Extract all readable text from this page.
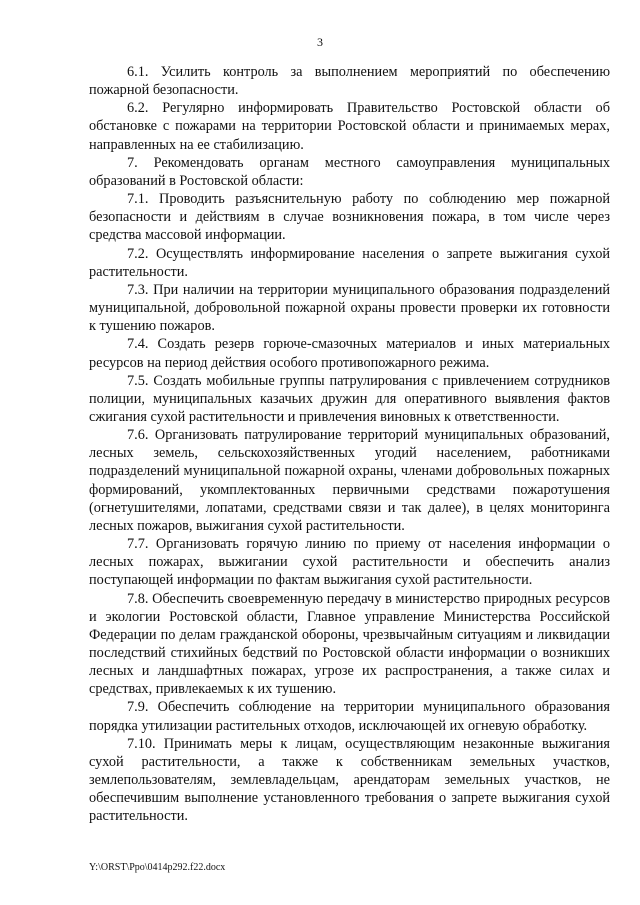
3

6.1. Усилить контроль за выполнением мероприятий по обеспечению пожарной безопасности.

6.2. Регулярно информировать Правительство Ростовской области об обстановке с пожарами на территории Ростовской области и принимаемых мерах, направленных на ее стабилизацию.

7. Рекомендовать органам местного самоуправления муниципальных образований в Ростовской области:

7.1. Проводить разъяснительную работу по соблюдению мер пожарной безопасности и действиям в случае возникновения пожара, в том числе через средства массовой информации.

7.2. Осуществлять информирование населения о запрете выжигания сухой растительности.

7.3. При наличии на территории муниципального образования подразделений муниципальной, добровольной пожарной охраны провести проверки их готовности к тушению пожаров.

7.4. Создать резерв горюче-смазочных материалов и иных материальных ресурсов на период действия особого противопожарного режима.

7.5. Создать мобильные группы патрулирования с привлечением сотрудников полиции, муниципальных казачьих дружин для оперативного выявления фактов сжигания сухой растительности и привлечения виновных к ответственности.

7.6. Организовать патрулирование территорий муниципальных образований, лесных земель, сельскохозяйственных угодий населением, работниками подразделений муниципальной пожарной охраны, членами добровольных пожарных формирований, укомплектованных первичными средствами пожаротушения (огнетушителями, лопатами, средствами связи и так далее), в целях мониторинга лесных пожаров, выжигания сухой растительности.

7.7. Организовать горячую линию по приему от населения информации о лесных пожарах, выжигании сухой растительности и обеспечить анализ поступающей информации по фактам выжигания сухой растительности.

7.8. Обеспечить своевременную передачу в министерство природных ресурсов и экологии Ростовской области, Главное управление Министерства Российской Федерации по делам гражданской обороны, чрезвычайным ситуациям и ликвидации последствий стихийных бедствий по Ростовской области информации о возникших лесных и ландшафтных пожарах, угрозе их распространения, а также силах и средствах, привлекаемых к их тушению.

7.9. Обеспечить соблюдение на территории муниципального образования порядка утилизации растительных отходов, исключающей их огневую обработку.

7.10. Принимать меры к лицам, осуществляющим незаконные выжигания сухой растительности, а также к собственникам земельных участков, землепользователям, землевладельцам, арендаторам земельных участков, не обеспечившим выполнение установленного требования о запрете выжигания сухой растительности.

Y:\ORST\Ppo\0414p292.f22.docx
